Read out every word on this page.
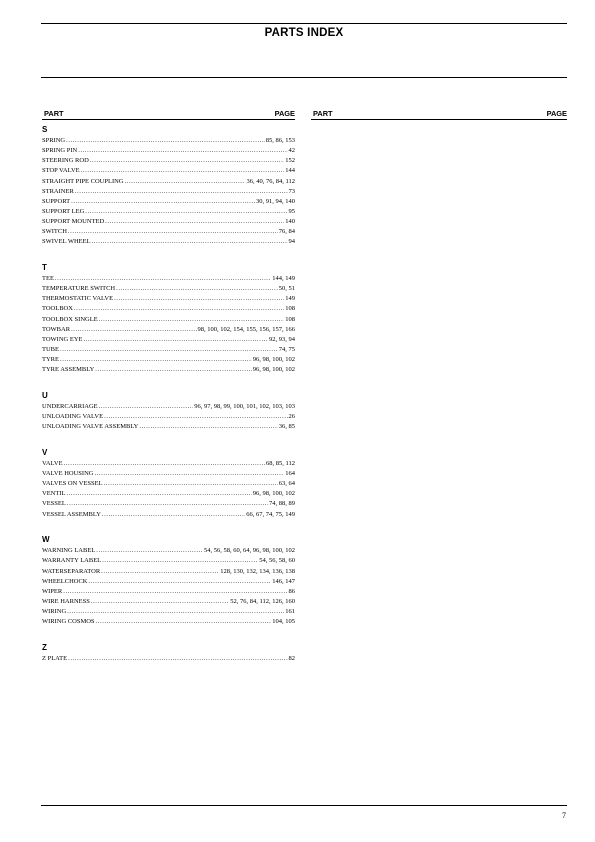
PARTS INDEX
PART	PAGE PART	PAGE
S
SPRING .....	85, 86, 153
SPRING PIN .....	42
STEERING ROD .....	152
STOP VALVE .....	144
STRAIGHT PIPE COUPLING .....	36, 40, 76, 84, 112
STRAINER .....	73
SUPPORT .....	30, 91, 94, 140
SUPPORT LEG .....	95
SUPPORT MOUNTED .....	140
SWITCH .....	76, 84
SWIVEL WHEEL .....	94
T
TEE .....	144, 149
TEMPERATURE SWITCH .....	50, 51
THERMOSTATIC VALVE .....	149
TOOLBOX .....	108
TOOLBOX SINGLE .....	108
TOWBAR .....	98, 100, 102, 154, 155, 156, 157, 166
TOWING EYE .....	92, 93, 94
TUBE .....	74, 75
TYRE .....	96, 98, 100, 102
TYRE ASSEMBLY .....	96, 98, 100, 102
U
UNDERCARRIAGE .....	96, 97, 98, 99, 100, 101, 102, 103, 103
UNLOADING VALVE .....	26
UNLOADING VALVE ASSEMBLY .....	36, 85
V
VALVE .....	68, 85, 112
VALVE HOUSING .....	164
VALVES ON VESSEL .....	63, 64
VENTIL .....	96, 98, 100, 102
VESSEL .....	74, 88, 89
VESSEL ASSEMBLY .....	66, 67, 74, 75, 149
W
WARNING LABEL .....	54, 56, 58, 60, 64, 96, 98, 100, 102
WARRANTY LABEL .....	54, 56, 58, 60
WATERSEPARATOR .....	128, 130, 132, 134, 136, 138
WHEELCHOCK .....	146, 147
WIPER .....	86
WIRE HARNESS .....	52, 76, 84, 112, 126, 160
WIRING .....	161
WIRING COSMOS .....	104, 105
Z
Z PLATE .....	82
7
